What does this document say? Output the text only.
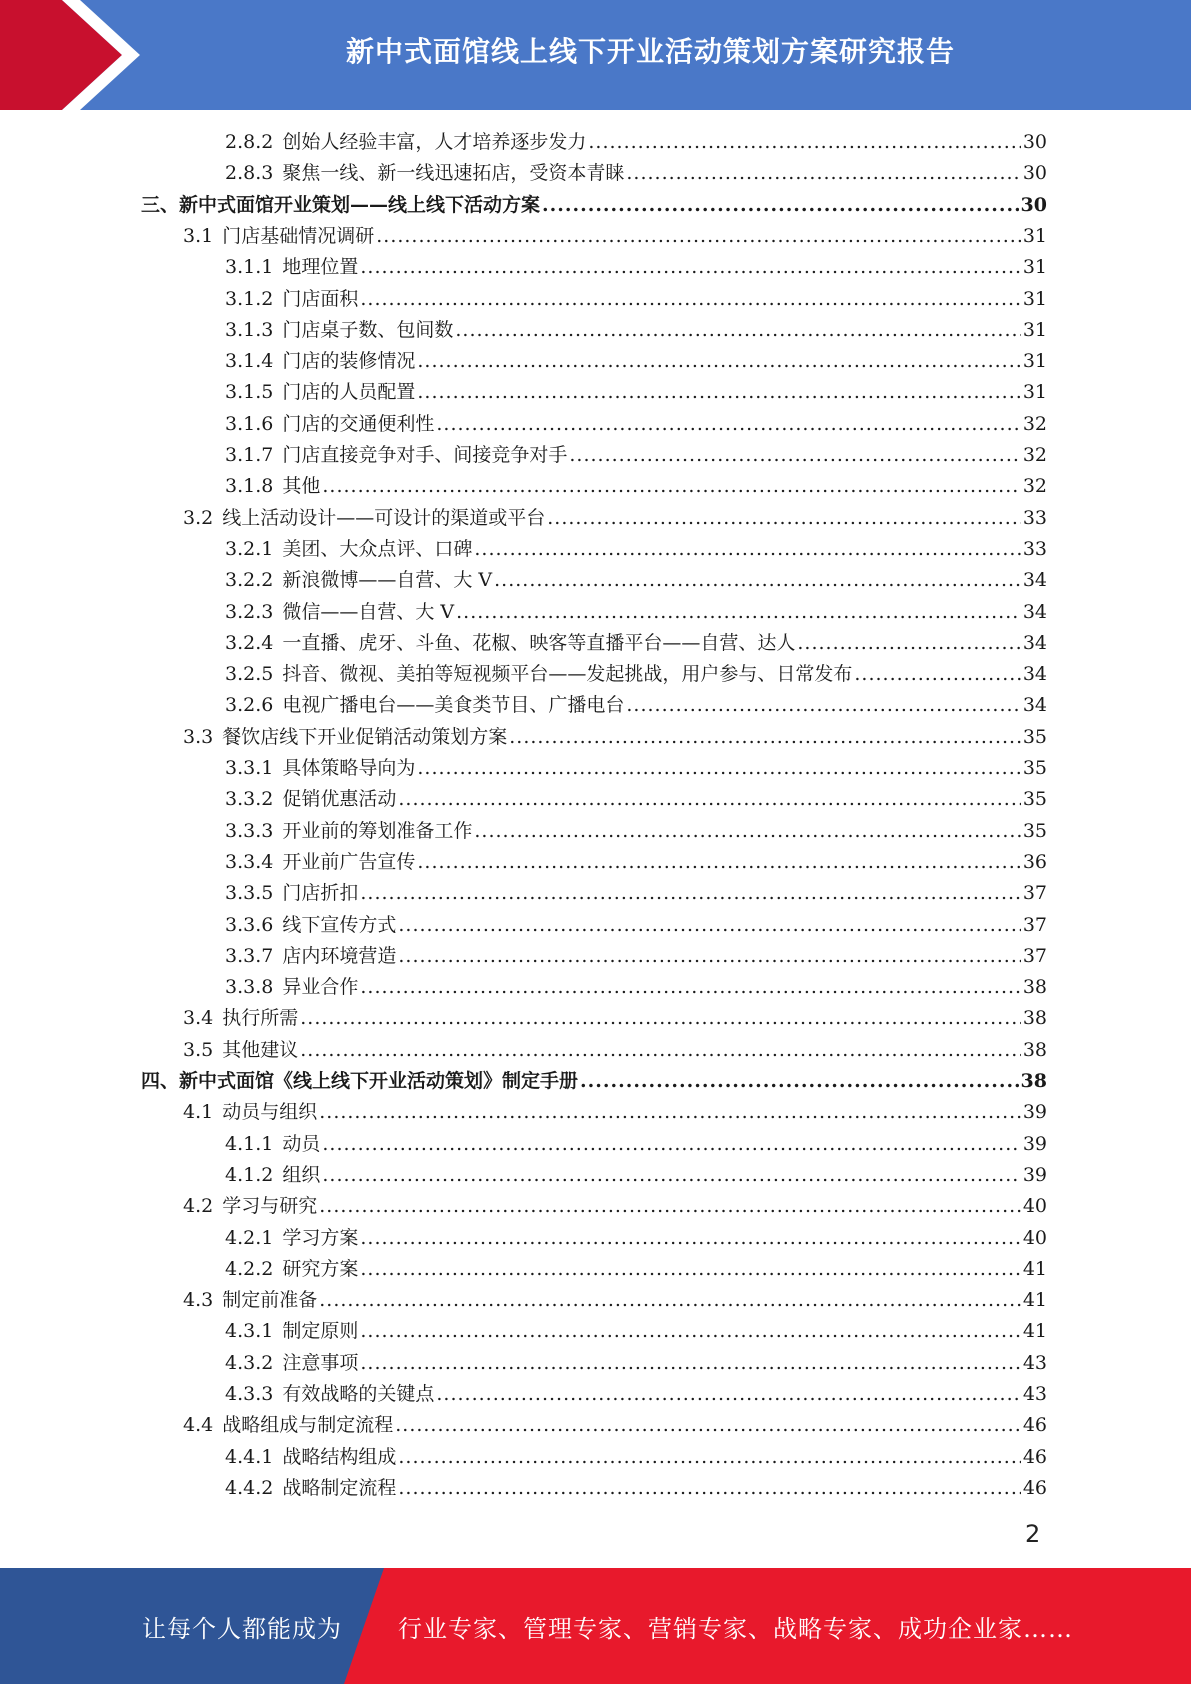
新中式面馆线上线下开业活动策划方案研究报告
2.8.2 创始人经验丰富，人才培养逐步发力 .....	30
2.8.3 聚焦一线、新一线迅速拓店，受资本青睐 .....	30
三、新中式面馆开业策划——线上线下活动方案 .....	30
3.1 门店基础情况调研 .....	31
3.1.1 地理位置 .....	31
3.1.2 门店面积 .....	31
3.1.3 门店桌子数、包间数 .....	31
3.1.4 门店的装修情况 .....	31
3.1.5 门店的人员配置 .....	31
3.1.6 门店的交通便利性 .....	32
3.1.7 门店直接竞争对手、间接竞争对手 .....	32
3.1.8 其他 .....	32
3.2 线上活动设计——可设计的渠道或平台 .....	33
3.2.1 美团、大众点评、口碑 .....	33
3.2.2 新浪微博——自营、大 V .....	34
3.2.3 微信——自营、大 V .....	34
3.2.4 一直播、虎牙、斗鱼、花椒、映客等直播平台——自营、达人 .....	34
3.2.5 抖音、微视、美拍等短视频平台——发起挑战，用户参与、日常发布 .....	34
3.2.6 电视广播电台——美食类节目、广播电台 .....	34
3.3 餐饮店线下开业促销活动策划方案 .....	35
3.3.1 具体策略导向为 .....	35
3.3.2 促销优惠活动 .....	35
3.3.3 开业前的筹划准备工作 .....	35
3.3.4 开业前广告宣传 .....	36
3.3.5 门店折扣 .....	37
3.3.6 线下宣传方式 .....	37
3.3.7 店内环境营造 .....	37
3.3.8 异业合作 .....	38
3.4 执行所需 .....	38
3.5 其他建议 .....	38
四、新中式面馆《线上线下开业活动策划》制定手册 .....	38
4.1 动员与组织 .....	39
4.1.1 动员 .....	39
4.1.2 组织 .....	39
4.2 学习与研究 .....	40
4.2.1 学习方案 .....	40
4.2.2 研究方案 .....	41
4.3 制定前准备 .....	41
4.3.1 制定原则 .....	41
4.3.2 注意事项 .....	43
4.3.3 有效战略的关键点 .....	43
4.4 战略组成与制定流程 .....	46
4.4.1 战略结构组成 .....	46
4.4.2 战略制定流程 .....	46
2
让每个人都能成为 行业专家、管理专家、营销专家、战略专家、成功企业家……
